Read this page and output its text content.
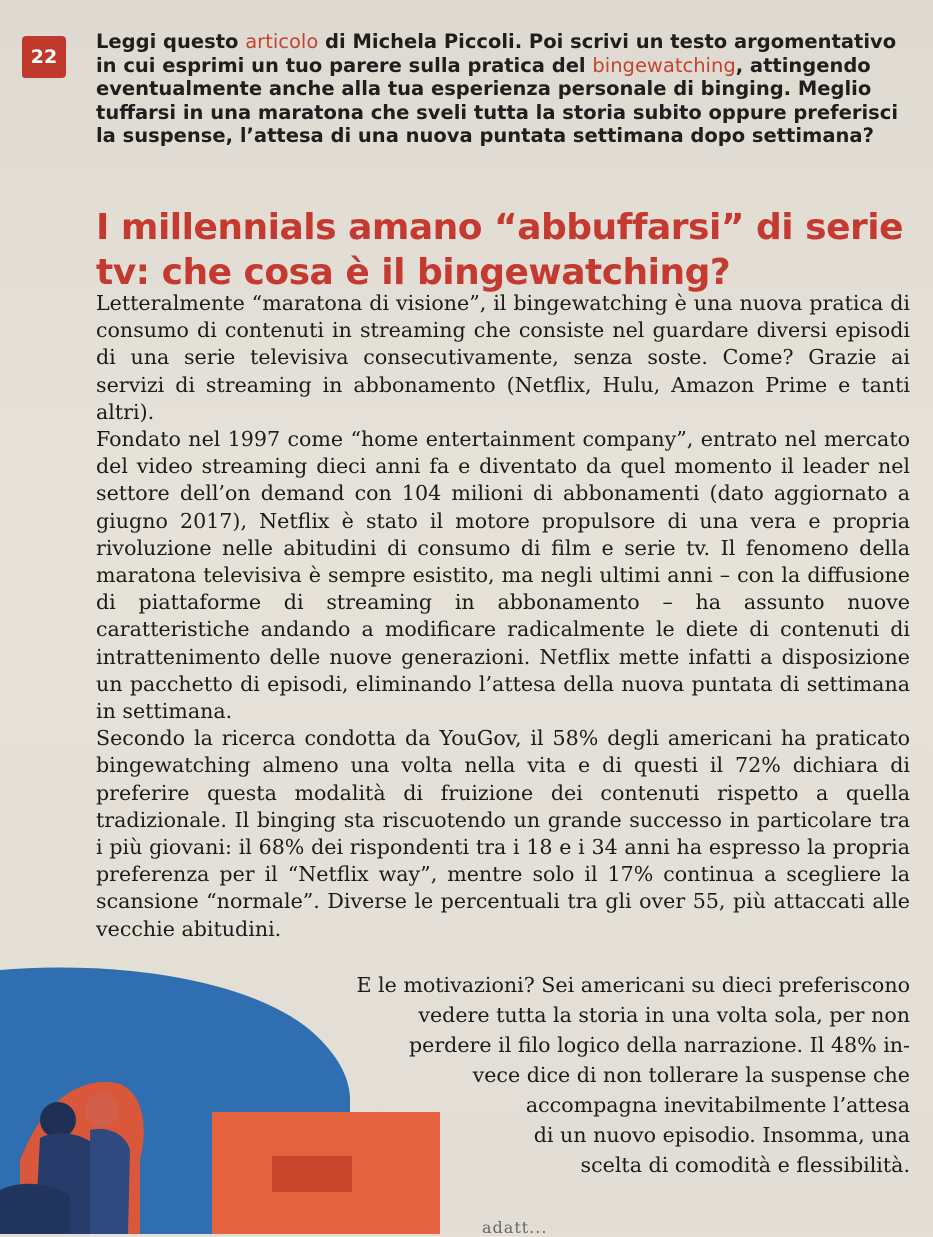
22
Leggi questo articolo di Michela Piccoli. Poi scrivi un testo argomentativo in cui esprimi un tuo parere sulla pratica del bingewatching, attingendo eventualmente anche alla tua esperienza personale di binging. Meglio tuffarsi in una maratona che sveli tutta la storia subito oppure preferisci la suspense, l’attesa di una nuova puntata settimana dopo settimana?
I millennials amano “abbuffarsi” di serie tv: che cosa è il bingewatching?

Letteralmente “maratona di visione”, il bingewatching è una nuova pratica di consumo di contenuti in streaming che consiste nel guardare diversi episodi di una serie televisiva consecutivamente, senza soste. Come? Grazie ai servizi di streaming in abbonamento (Netflix, Hulu, Amazon Prime e tanti altri).

Fondato nel 1997 come “home entertainment company”, entrato nel mercato del video streaming dieci anni fa e diventato da quel momento il leader nel settore dell’on demand con 104 milioni di abbonamenti (dato aggiornato a giugno 2017), Netflix è stato il motore propulsore di una vera e propria rivoluzione nelle abitudini di consumo di film e serie tv. Il fenomeno della maratona televisiva è sempre esistito, ma negli ultimi anni – con la diffusione di piattaforme di streaming in abbonamento – ha assunto nuove caratteristiche andando a modificare radicalmente le diete di contenuti di intrattenimento delle nuove generazioni. Netflix mette infatti a disposizione un pacchetto di episodi, eliminando l’attesa della nuova puntata di settimana in settimana.

Secondo la ricerca condotta da YouGov, il 58% degli americani ha praticato bingewatching almeno una volta nella vita e di questi il 72% dichiara di preferire questa modalità di fruizione dei contenuti rispetto a quella tradizionale. Il binging sta riscuotendo un grande successo in particolare tra i più giovani: il 68% dei rispondenti tra i 18 e i 34 anni ha espresso la propria preferenza per il “Netflix way”, mentre solo il 17% continua a scegliere la scansione “normale”. Diverse le percentuali tra gli over 55, più attaccati alle vecchie abitudini.

E le motivazioni? Sei americani su dieci preferiscono
vedere tutta la storia in una volta sola, per non
perdere il filo logico della narrazione. Il 48% in-
vece dice di non tollerare la suspense che
accompagna inevitabilmente l’attesa
di un nuovo episodio. Insomma, una
scelta di comodità e flessibilità.
adatt...
